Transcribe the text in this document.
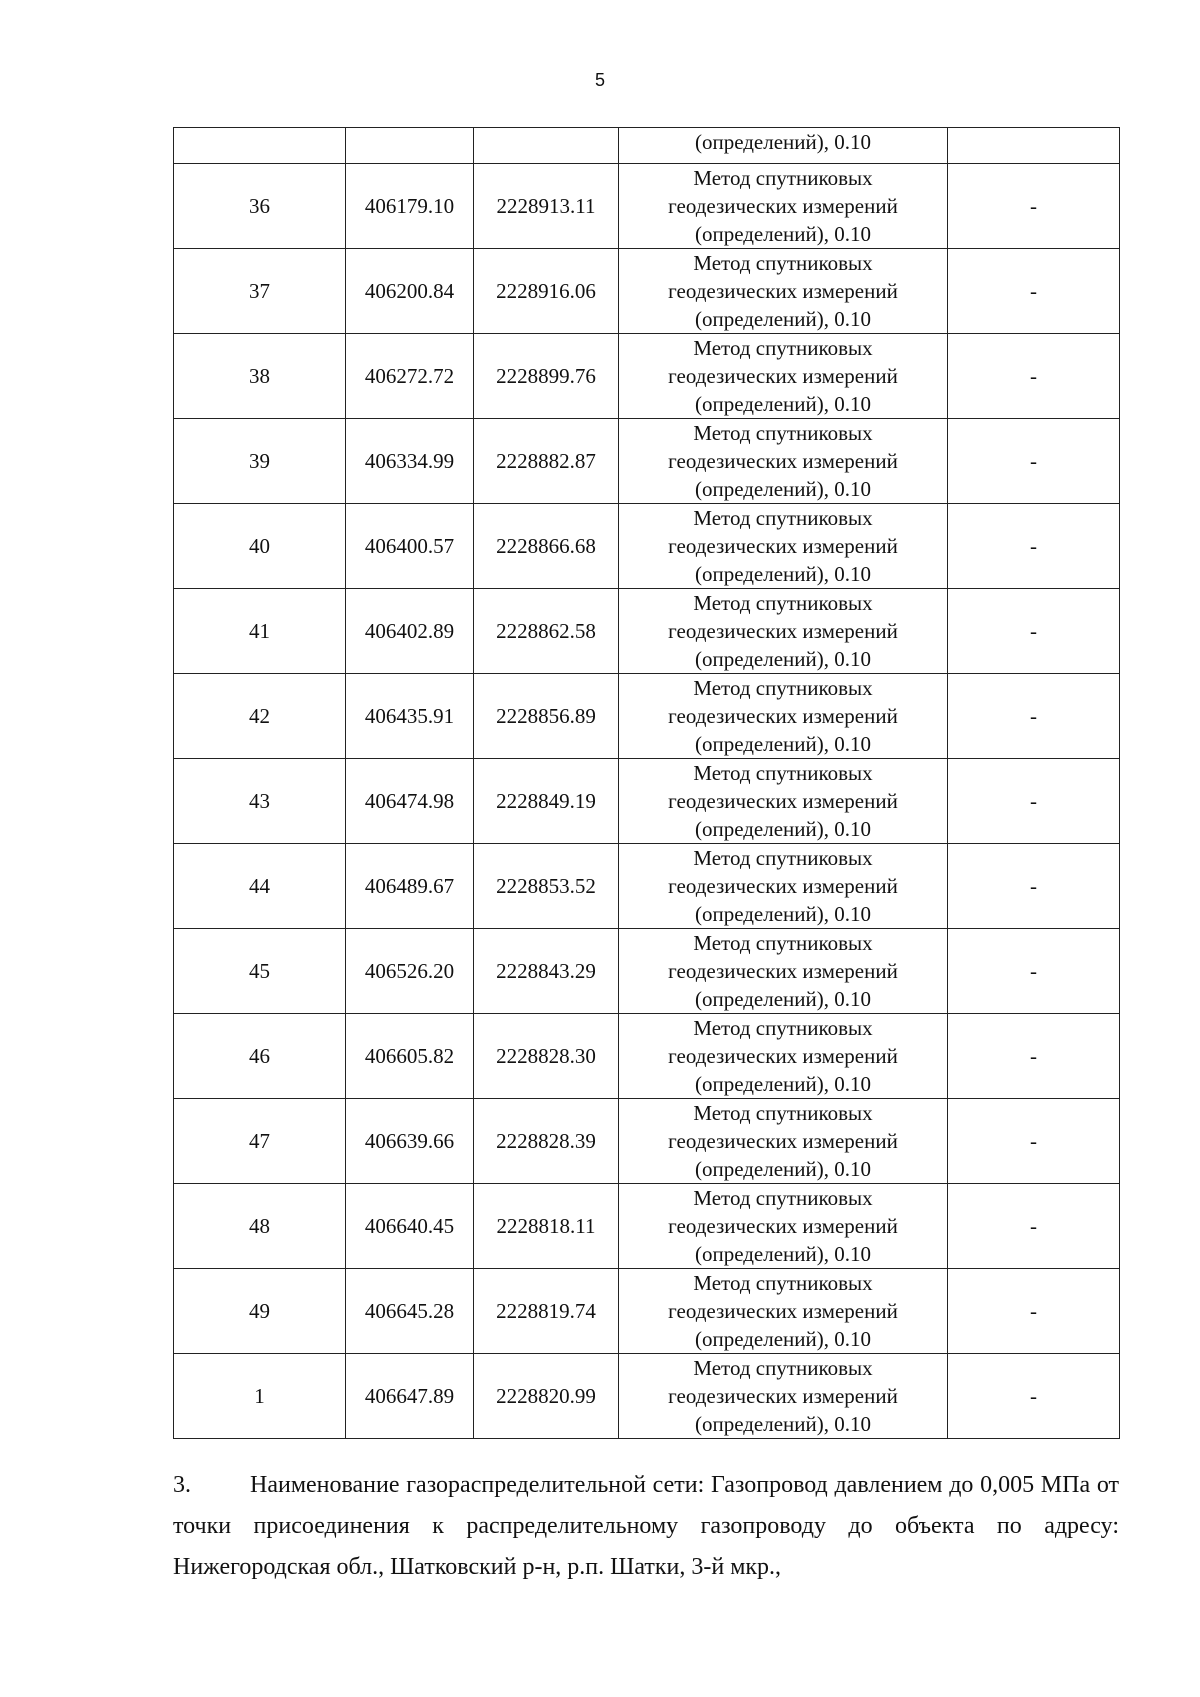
5
			(определений), 0.10	
36	406179.10	2228913.11	Метод спутниковых
геодезических измерений
(определений), 0.10	-
37	406200.84	2228916.06	Метод спутниковых
геодезических измерений
(определений), 0.10	-
38	406272.72	2228899.76	Метод спутниковых
геодезических измерений
(определений), 0.10	-
39	406334.99	2228882.87	Метод спутниковых
геодезических измерений
(определений), 0.10	-
40	406400.57	2228866.68	Метод спутниковых
геодезических измерений
(определений), 0.10	-
41	406402.89	2228862.58	Метод спутниковых
геодезических измерений
(определений), 0.10	-
42	406435.91	2228856.89	Метод спутниковых
геодезических измерений
(определений), 0.10	-
43	406474.98	2228849.19	Метод спутниковых
геодезических измерений
(определений), 0.10	-
44	406489.67	2228853.52	Метод спутниковых
геодезических измерений
(определений), 0.10	-
45	406526.20	2228843.29	Метод спутниковых
геодезических измерений
(определений), 0.10	-
46	406605.82	2228828.30	Метод спутниковых
геодезических измерений
(определений), 0.10	-
47	406639.66	2228828.39	Метод спутниковых
геодезических измерений
(определений), 0.10	-
48	406640.45	2228818.11	Метод спутниковых
геодезических измерений
(определений), 0.10	-
49	406645.28	2228819.74	Метод спутниковых
геодезических измерений
(определений), 0.10	-
1	406647.89	2228820.99	Метод спутниковых
геодезических измерений
(определений), 0.10	-
3. Наименование газораспределительной сети: Газопровод давлением до 0,005 МПа от точки присоединения к распределительному газопроводу до объекта по адресу: Нижегородская обл., Шатковский р-н, р.п. Шатки, 3-й мкр.,
